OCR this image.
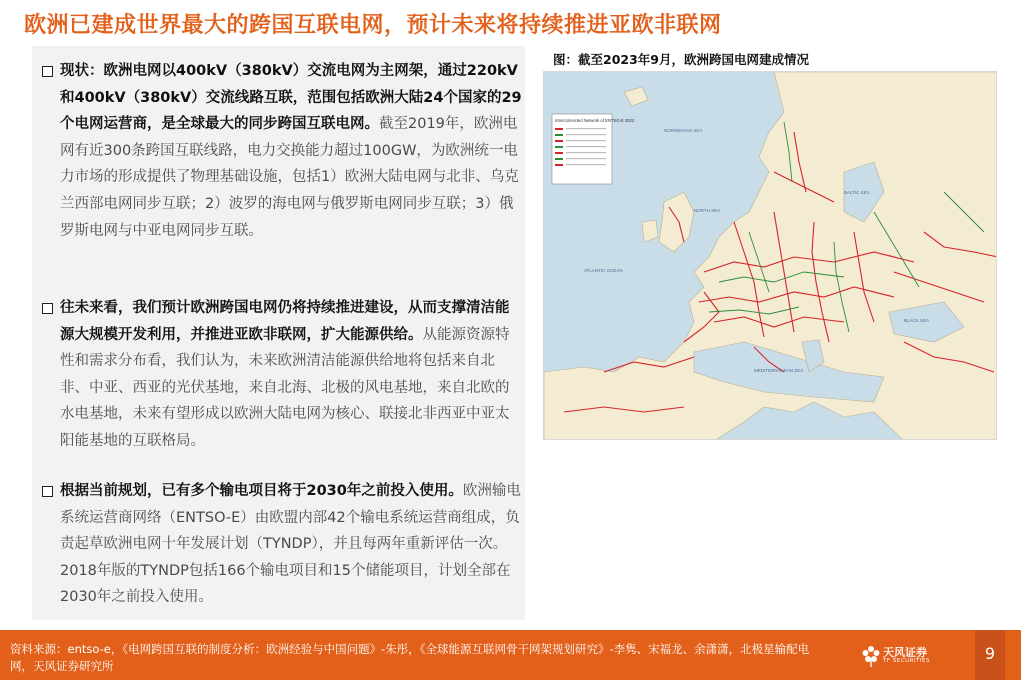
欧洲已建成世界最大的跨国互联电网，预计未来将持续推进亚欧非联网
现状：欧洲电网以400kV（380kV）交流电网为主网架，通过220kV和400kV（380kV）交流线路互联，范围包括欧洲大陆24个国家的29个电网运营商，是全球最大的同步跨国互联电网。截至2019年，欧洲电网有近300条跨国互联线路，电力交换能力超过100GW，为欧洲统一电力市场的形成提供了物理基础设施，包括1）欧洲大陆电网与北非、乌克兰西部电网同步互联；2）波罗的海电网与俄罗斯电网同步互联；3）俄罗斯电网与中亚电网同步互联。
往未来看，我们预计欧洲跨国电网仍将持续推进建设，从而支撑清洁能源大规模开发利用，并推进亚欧非联网，扩大能源供给。从能源资源特性和需求分布看，我们认为，未来欧洲清洁能源供给地将包括来自北非、中亚、西亚的光伏基地，来自北海、北极的风电基地，来自北欧的水电基地，未来有望形成以欧洲大陆电网为核心、联接北非西亚中亚太阳能基地的互联格局。
根据当前规划，已有多个输电项目将于2030年之前投入使用。欧洲输电系统运营商网络（ENTSO-E）由欧盟内部42个输电系统运营商组成，负责起草欧洲电网十年发展计划（TYNDP），并且每两年重新评估一次。2018年版的TYNDP包括166个输电项目和15个储能项目，计划全部在2030年之前投入使用。
图：截至2023年9月，欧洲跨国电网建成情况
Interconnected Network of ENTSO-E 2023
NORWEGIAN SEA
NORTH SEA
ATLANTIC OCEAN
BALTIC SEA
BLACK SEA
MEDITERRANEAN SEA
资料来源：entso-e，《电网跨国互联的制度分析：欧洲经验与中国问题》-朱彤，《全球能源互联网骨干网架规划研究》-李隽、宋福龙、余潇潇，北极星输配电网，天风证券研究所
天风证券
TF SECURITIES	9
